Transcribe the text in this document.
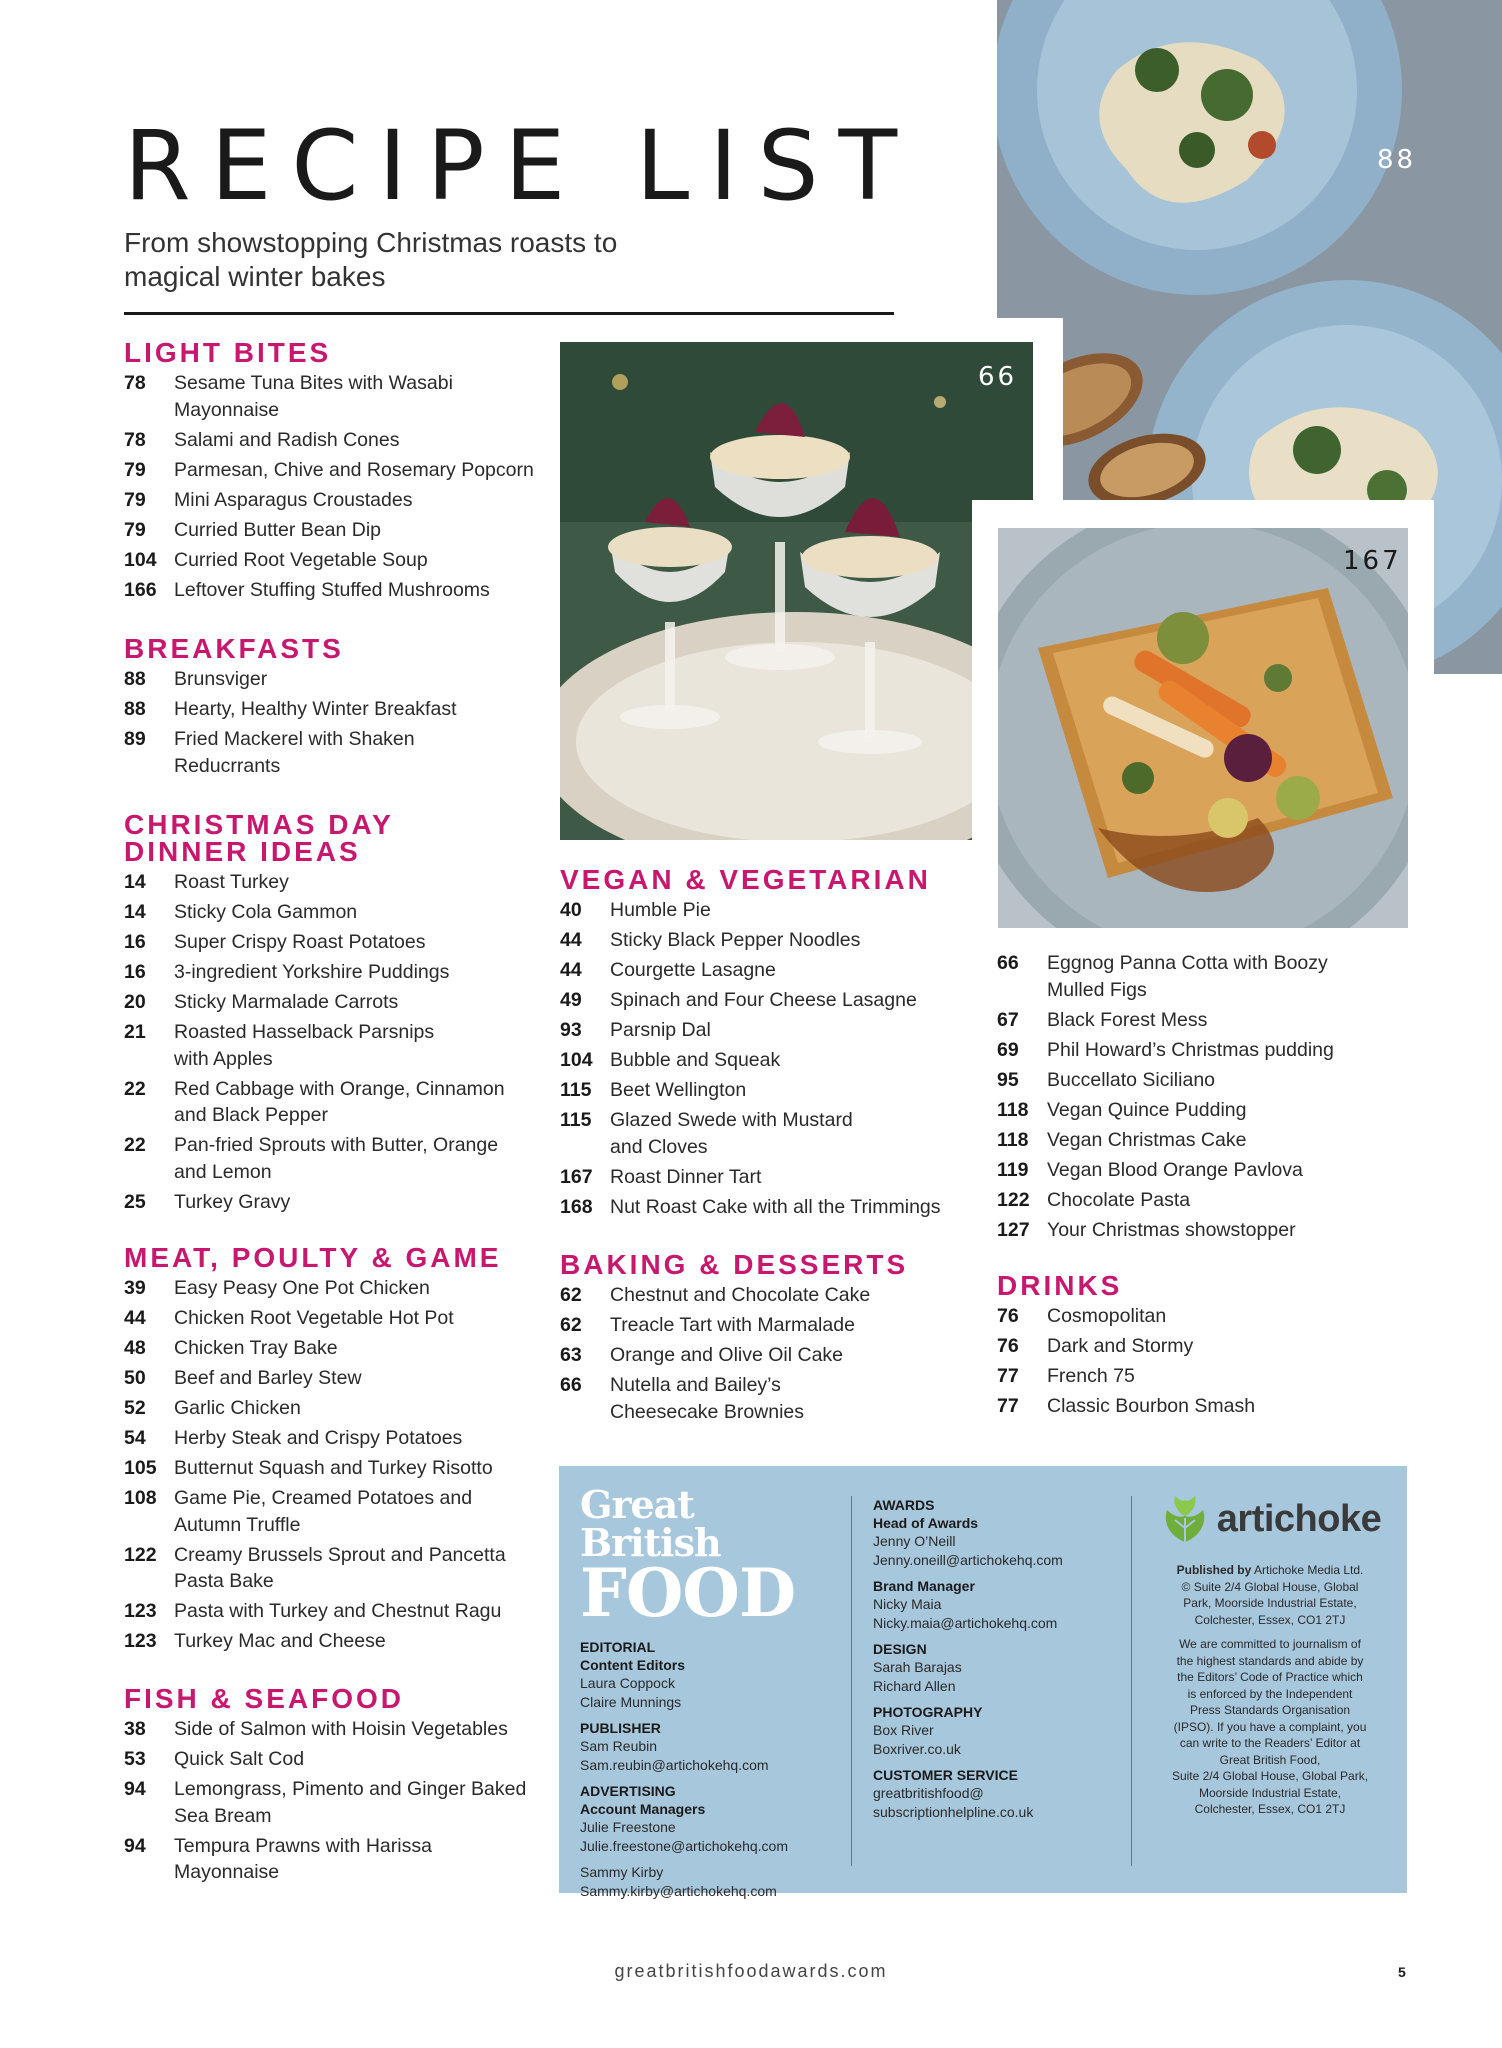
RECIPE LIST

From showstopping Christmas roasts to
magical winter bakes

88
66
167
LIGHT BITES
78	Sesame Tuna Bites with Wasabi
Mayonnaise
78	Salami and Radish Cones
79	Parmesan, Chive and Rosemary Popcorn
79	Mini Asparagus Croustades
79	Curried Butter Bean Dip
104 Curried Root Vegetable Soup
166 Leftover Stuffing Stuffed Mushrooms
BREAKFASTS
88	Brunsviger
88	Hearty, Healthy Winter Breakfast
89	Fried Mackerel with Shaken
Reducrrants
CHRISTMAS DAY
DINNER IDEAS
14	Roast Turkey
14	Sticky Cola Gammon
16	Super Crispy Roast Potatoes
16	3-ingredient Yorkshire Puddings
20	Sticky Marmalade Carrots
21	Roasted Hasselback Parsnips
with Apples
22	Red Cabbage with Orange, Cinnamon
and Black Pepper
22	Pan-fried Sprouts with Butter, Orange
and Lemon
25	Turkey Gravy
MEAT, POULTY & GAME
39	Easy Peasy One Pot Chicken
44	Chicken Root Vegetable Hot Pot
48	Chicken Tray Bake
50	Beef and Barley Stew
52	Garlic Chicken
54	Herby Steak and Crispy Potatoes
105 Butternut Squash and Turkey Risotto
108 Game Pie, Creamed Potatoes and
Autumn Truffle
122 Creamy Brussels Sprout and Pancetta
Pasta Bake
123 Pasta with Turkey and Chestnut Ragu
123 Turkey Mac and Cheese
FISH & SEAFOOD
38	Side of Salmon with Hoisin Vegetables
53	Quick Salt Cod
94	Lemongrass, Pimento and Ginger Baked
Sea Bream
94	Tempura Prawns with Harissa
Mayonnaise
VEGAN & VEGETARIAN
40	Humble Pie
44	Sticky Black Pepper Noodles
44	Courgette Lasagne
49	Spinach and Four Cheese Lasagne
93	Parsnip Dal
104 Bubble and Squeak
115 Beet Wellington
115 Glazed Swede with Mustard
and Cloves
167 Roast Dinner Tart
168 Nut Roast Cake with all the Trimmings
BAKING & DESSERTS
62	Chestnut and Chocolate Cake
62	Treacle Tart with Marmalade
63	Orange and Olive Oil Cake
66	Nutella and Bailey’s
Cheesecake Brownies
66	Eggnog Panna Cotta with Boozy
Mulled Figs
67	Black Forest Mess
69	Phil Howard’s Christmas pudding
95	Buccellato Siciliano
118 Vegan Quince Pudding
118 Vegan Christmas Cake
119 Vegan Blood Orange Pavlova
122 Chocolate Pasta
127 Your Christmas showstopper
DRINKS
76	Cosmopolitan
76	Dark and Stormy
77	French 75
77	Classic Bourbon Smash
Great British
FOOD
EDITORIAL
Content Editors
Laura Coppock
Claire Munnings
PUBLISHER
Sam Reubin
Sam.reubin@artichokehq.com
ADVERTISING
Account Managers
Julie Freestone
Julie.freestone@artichokehq.com
Sammy Kirby
Sammy.kirby@artichokehq.com
AWARDS
Head of Awards
Jenny O’Neill
Jenny.oneill@artichokehq.com
Brand Manager
Nicky Maia
Nicky.maia@artichokehq.com
DESIGN
Sarah Barajas
Richard Allen
PHOTOGRAPHY
Box River
Boxriver.co.uk
CUSTOMER SERVICE
greatbritishfood@
subscriptionhelpline.co.uk
artichoke
Published by Artichoke Media Ltd.
© Suite 2/4 Global House, Global
Park, Moorside Industrial Estate,
Colchester, Essex, CO1 2TJ
We are committed to journalism of
the highest standards and abide by
the Editors’ Code of Practice which
is enforced by the Independent
Press Standards Organisation
(IPSO). If you have a complaint, you
can write to the Readers’ Editor at
Great British Food,
Suite 2/4 Global House, Global Park,
Moorside Industrial Estate,
Colchester, Essex, CO1 2TJ
greatbritishfoodawards.com	5
